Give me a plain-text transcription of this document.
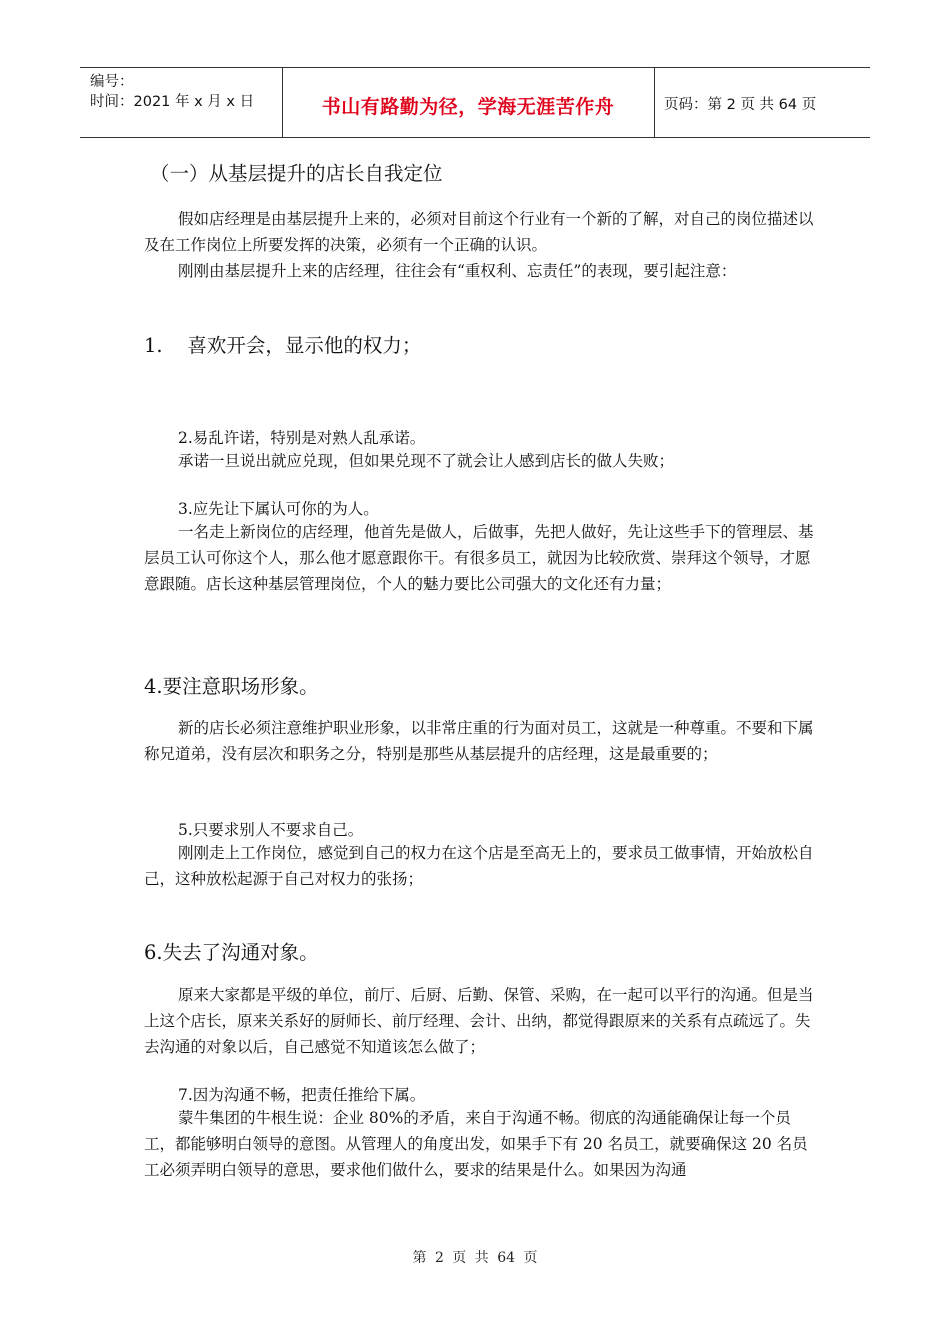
编号：
时间：2021 年 x 月 x 日	书山有路勤为径，学海无涯苦作舟	页码：第 2 页 共 64 页
（一）从基层提升的店长自我定位

假如店经理是由基层提升上来的，必须对目前这个行业有一个新的了解，对自己的岗位描述以及在工作岗位上所要发挥的决策，必须有一个正确的认识。

刚刚由基层提升上来的店经理，往往会有“重权利、忘责任”的表现，要引起注意：

1.    喜欢开会，显示他的权力；
2.易乱许诺，特别是对熟人乱承诺。

承诺一旦说出就应兑现，但如果兑现不了就会让人感到店长的做人失败；

3.应先让下属认可你的为人。

一名走上新岗位的店经理，他首先是做人，后做事，先把人做好，先让这些手下的管理层、基层员工认可你这个人，那么他才愿意跟你干。有很多员工，就因为比较欣赏、崇拜这个领导，才愿意跟随。店长这种基层管理岗位，个人的魅力要比公司强大的文化还有力量；

4.要注意职场形象。

新的店长必须注意维护职业形象，以非常庄重的行为面对员工，这就是一种尊重。不要和下属称兄道弟，没有层次和职务之分，特别是那些从基层提升的店经理，这是最重要的；

5.只要求别人不要求自己。

刚刚走上工作岗位，感觉到自己的权力在这个店是至高无上的，要求员工做事情，开始放松自己，这种放松起源于自己对权力的张扬；

6.失去了沟通对象。

原来大家都是平级的单位，前厅、后厨、后勤、保管、采购，在一起可以平行的沟通。但是当上这个店长，原来关系好的厨师长、前厅经理、会计、出纳，都觉得跟原来的关系有点疏远了。失去沟通的对象以后，自己感觉不知道该怎么做了；

7.因为沟通不畅，把责任推给下属。

蒙牛集团的牛根生说：企业 80%的矛盾，来自于沟通不畅。彻底的沟通能确保让每一个员工，都能够明白领导的意图。从管理人的角度出发，如果手下有 20 名员工，就要确保这 20 名员工必须弄明白领导的意思，要求他们做什么，要求的结果是什么。如果因为沟通

第 2 页 共 64 页
